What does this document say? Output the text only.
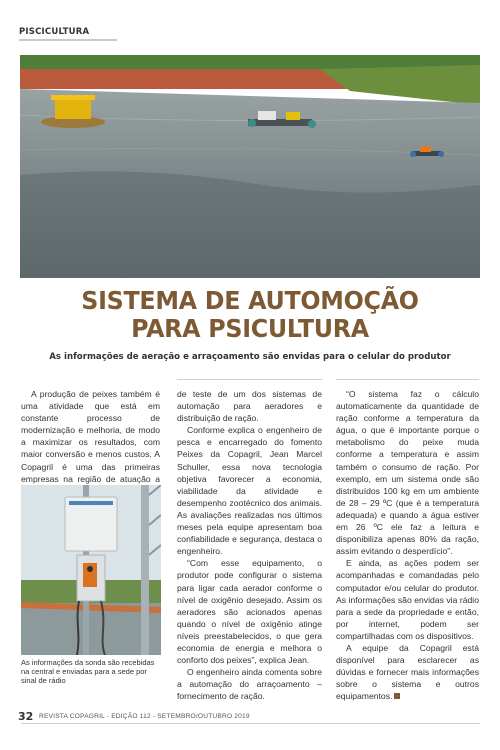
PISCICULTURA
SISTEMA DE AUTOMOÇÃO
PARA PSICULTURA
As informações de aeração e arraçoamento são envidas para o celular do produtor

A produção de peixes também é uma atividade que está em constante processo de modernização e melhoria, de modo a maximizar os resultados, com maior conversão e menos custos. A Copagril é uma das primeiras empresas na região de atuação a

As informações da sonda são recebidas na central e enviadas para a sede por sinal de rádio

de teste de um dos sistemas de automação para aeradores e distribuição de ração.

Conforme explica o engenheiro de pesca e encarregado do fomento Peixes da Copagril, Jean Marcel Schuller, essa nova tecnologia objetiva favorecer a economia, viabilidade da atividade e desempenho zootécnico dos animais. As avaliações realizadas nos últimos meses pela equipe apresentam boa confiabilidade e segurança, destaca o engenheiro.

“Com esse equipamento, o produtor pode configurar o sistema para ligar cada aerador conforme o nível de oxigênio desejado. Assim os aeradores são acionados apenas quando o nível de oxigênio atinge níveis preestabelecidos, o que gera economia de energia e melhora o conforto dos peixes”, explica Jean.

O engenheiro ainda comenta sobre a automação do arraçoamento – fornecimento de ração.

“O sistema faz o cálculo automaticamente da quantidade de ração conforme a temperatura da água, o que é importante porque o metabolismo do peixe muda conforme a temperatura e assim também o consumo de ração. Por exemplo, em um sistema onde são distribuídos 100 kg em um ambiente de 28 – 29 ºC (que é a temperatura adequada) e quando a água estiver em 26 ºC ele faz a leitura e disponibiliza apenas 80% da ração, assim evitando o desperdício”.

E ainda, as ações podem ser acompanhadas e comandadas pelo computador e/ou celular do produtor. As informações são envidas via rádio para a sede da propriedade e então, por internet, podem ser compartilhadas com os dispositivos.

A equipe da Copagril está disponível para esclarecer as dúvidas e fornecer mais informações sobre o sistema e outros equipamentos.

32 REVISTA COPAGRIL - EDIÇÃO 112 - SETEMBRO/OUTUBRO 2019
